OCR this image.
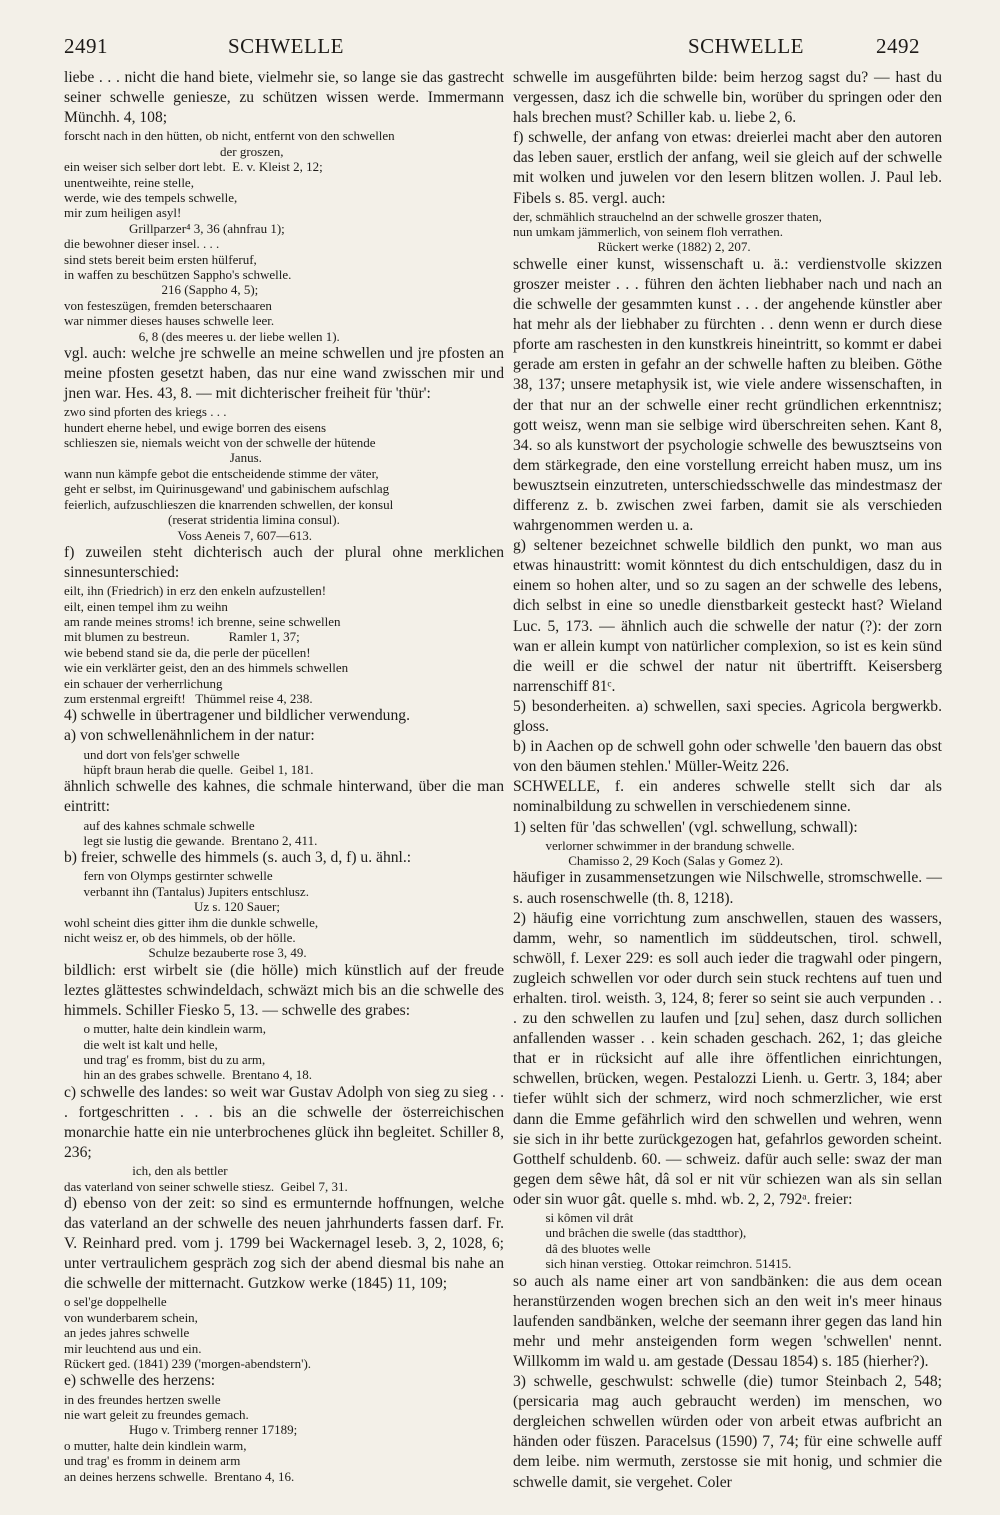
2491	SCHWELLE	SCHWELLE	2492

liebe . . . nicht die hand biete, vielmehr sie, so lange sie das gastrecht seiner schwelle geniesze, zu schützen wissen werde. Immermann Münchh. 4, 108;

forscht nach in den hütten, ob nicht, entfernt von den schwellen
der groszen,
ein weiser sich selber dort lebt.  E. v. Kleist 2, 12;
unentweihte, reine stelle,
werde, wie des tempels schwelle,
mir zum heiligen asyl!
Grillparzer⁴ 3, 36 (ahnfrau 1);
die bewohner dieser insel. . . .
sind stets bereit beim ersten hülferuf,
in waffen zu beschützen Sappho's schwelle.
216 (Sappho 4, 5);
von festeszügen, fremden beterschaaren
war nimmer dieses hauses schwelle leer.
6, 8 (des meeres u. der liebe wellen 1).

vgl. auch: welche jre schwelle an meine schwellen und jre pfosten an meine pfosten gesetzt haben, das nur eine wand zwisschen mir und jnen war. Hes. 43, 8. — mit dichterischer freiheit für 'thür':

zwo sind pforten des kriegs . . .
hundert eherne hebel, und ewige borren des eisens
schlieszen sie, niemals weicht von der schwelle der hütende
Janus.
wann nun kämpfe gebot die entscheidende stimme der väter,
geht er selbst, im Quirinusgewand' und gabinischem aufschlag
feierlich, aufzuschlieszen die knarrenden schwellen, der konsul
(reserat stridentia limina consul).
Voss Aeneis 7, 607—613.

f) zuweilen steht dichterisch auch der plural ohne merklichen sinnesunterschied:

eilt, ihn (Friedrich) in erz den enkeln aufzustellen!
eilt, einen tempel ihm zu weihn
am rande meines stroms! ich brenne, seine schwellen
mit blumen zu bestreun.            Ramler 1, 37;
wie bebend stand sie da, die perle der pücellen!
wie ein verklärter geist, den an des himmels schwellen
ein schauer der verherrlichung
zum erstenmal ergreift!   Thümmel reise 4, 238.

4) schwelle in übertragener und bildlicher verwendung.

a) von schwellenähnlichem in der natur:

und dort von fels'ger schwelle
hüpft braun herab die quelle.  Geibel 1, 181.

ähnlich schwelle des kahnes, die schmale hinterwand, über die man eintritt:

auf des kahnes schmale schwelle
legt sie lustig die gewande.  Brentano 2, 411.

b) freier, schwelle des himmels (s. auch 3, d, f) u. ähnl.:

fern von Olymps gestirnter schwelle
verbannt ihn (Tantalus) Jupiters entschlusz.
Uz s. 120 Sauer;
wohl scheint dies gitter ihm die dunkle schwelle,
nicht weisz er, ob des himmels, ob der hölle.
Schulze bezauberte rose 3, 49.

bildlich: erst wirbelt sie (die hölle) mich künstlich auf der freude leztes glättestes schwindeldach, schwäzt mich bis an die schwelle des himmels. Schiller Fiesko 5, 13. — schwelle des grabes:

o mutter, halte dein kindlein warm,
die welt ist kalt und helle,
und trag' es fromm, bist du zu arm,
hin an des grabes schwelle.  Brentano 4, 18.

c) schwelle des landes: so weit war Gustav Adolph von sieg zu sieg . . . fortgeschritten . . . bis an die schwelle der österreichischen monarchie hatte ein nie unterbrochenes glück ihn begleitet. Schiller 8, 236;

ich, den als bettler
das vaterland von seiner schwelle stiesz.  Geibel 7, 31.

d) ebenso von der zeit: so sind es ermunternde hoffnungen, welche das vaterland an der schwelle des neuen jahrhunderts fassen darf. Fr. V. Reinhard pred. vom j. 1799 bei Wackernagel leseb. 3, 2, 1028, 6; unter vertraulichem gespräch zog sich der abend diesmal bis nahe an die schwelle der mitternacht. Gutzkow werke (1845) 11, 109;

o sel'ge doppelhelle
von wunderbarem schein,
an jedes jahres schwelle
mir leuchtend aus und ein.
Rückert ged. (1841) 239 ('morgen-abendstern').

e) schwelle des herzens:

in des freundes hertzen swelle
nie wart geleit zu freundes gemach.
Hugo v. Trimberg renner 17189;
o mutter, halte dein kindlein warm,
und trag' es fromm in deinem arm
an deines herzens schwelle.  Brentano 4, 16.

schwelle im ausgeführten bilde: beim herzog sagst du? — hast du vergessen, dasz ich die schwelle bin, worüber du springen oder den hals brechen must? Schiller kab. u. liebe 2, 6.

f) schwelle, der anfang von etwas: dreierlei macht aber den autoren das leben sauer, erstlich der anfang, weil sie gleich auf der schwelle mit wolken und juwelen vor den lesern blitzen wollen. J. Paul leb. Fibels s. 85. vergl. auch:

der, schmählich strauchelnd an der schwelle groszer thaten,
nun umkam jämmerlich, von seinem floh verrathen.
Rückert werke (1882) 2, 207.

schwelle einer kunst, wissenschaft u. ä.: verdienstvolle skizzen groszer meister . . . führen den ächten liebhaber nach und nach an die schwelle der gesammten kunst . . . der angehende künstler aber hat mehr als der liebhaber zu fürchten . . denn wenn er durch diese pforte am raschesten in den kunstkreis hineintritt, so kommt er dabei gerade am ersten in gefahr an der schwelle haften zu bleiben. Göthe 38, 137; unsere metaphysik ist, wie viele andere wissenschaften, in der that nur an der schwelle einer recht gründlichen erkenntnisz; gott weisz, wenn man sie selbige wird überschreiten sehen. Kant 8, 34. so als kunstwort der psychologie schwelle des bewusztseins von dem stärkegrade, den eine vorstellung erreicht haben musz, um ins bewusztsein einzutreten, unterschiedsschwelle das mindestmasz der differenz z. b. zwischen zwei farben, damit sie als verschieden wahrgenommen werden u. a.

g) seltener bezeichnet schwelle bildlich den punkt, wo man aus etwas hinaustritt: womit könntest du dich entschuldigen, dasz du in einem so hohen alter, und so zu sagen an der schwelle des lebens, dich selbst in eine so unedle dienstbarkeit gesteckt hast? Wieland Luc. 5, 173. — ähnlich auch die schwelle der natur (?): der zorn wan er allein kumpt von natürlicher complexion, so ist es kein sünd die weill er die schwel der natur nit übertrifft. Keisersberg narrenschiff 81ᶜ.

5) besonderheiten. a) schwellen, saxi species. Agricola bergwerkb. gloss.

b) in Aachen op de schwell gohn oder schwelle 'den bauern das obst von den bäumen stehlen.' Müller-Weitz 226.

SCHWELLE, f. ein anderes schwelle stellt sich dar als nominalbildung zu schwellen in verschiedenem sinne.

1) selten für 'das schwellen' (vgl. schwellung, schwall):

verlorner schwimmer in der brandung schwelle.
Chamisso 2, 29 Koch (Salas y Gomez 2).

häufiger in zusammensetzungen wie Nilschwelle, stromschwelle. — s. auch rosenschwelle (th. 8, 1218).

2) häufig eine vorrichtung zum anschwellen, stauen des wassers, damm, wehr, so namentlich im süddeutschen, tirol. schwell, schwöll, f. Lexer 229: es soll auch ieder die tragwahl oder pingern, zugleich schwellen vor oder durch sein stuck rechtens auf tuen und erhalten. tirol. weisth. 3, 124, 8; ferer so seint sie auch verpunden . . . zu den schwellen zu laufen und [zu] sehen, dasz durch sollichen anfallenden wasser . . kein schaden geschach. 262, 1; das gleiche that er in rücksicht auf alle ihre öffentlichen einrichtungen, schwellen, brücken, wegen. Pestalozzi Lienh. u. Gertr. 3, 184; aber tiefer wühlt sich der schmerz, wird noch schmerzlicher, wie erst dann die Emme gefährlich wird den schwellen und wehren, wenn sie sich in ihr bette zurückgezogen hat, gefahrlos geworden scheint. Gotthelf schuldenb. 60. — schweiz. dafür auch selle: swaz der man gegen dem sêwe hât, dâ sol er nit vür schiezen wan als sin sellan oder sin wuor gât. quelle s. mhd. wb. 2, 2, 792ᵃ. freier:

si kômen vil drât
und brâchen die swelle (das stadtthor),
dâ des bluotes welle
sich hinan verstieg.  Ottokar reimchron. 51415.

so auch als name einer art von sandbänken: die aus dem ocean heranstürzenden wogen brechen sich an den weit in's meer hinaus laufenden sandbänken, welche der seemann ihrer gegen das land hin mehr und mehr ansteigenden form wegen 'schwellen' nennt. Willkomm im wald u. am gestade (Dessau 1854) s. 185 (hierher?).

3) schwelle, geschwulst: schwelle (die) tumor Steinbach 2, 548; (persicaria mag auch gebraucht werden) im menschen, wo dergleichen schwellen würden oder von arbeit etwas aufbricht an händen oder füszen. Paracelsus (1590) 7, 74; für eine schwelle auff dem leibe. nim wermuth, zerstosse sie mit honig, und schmier die schwelle damit, sie vergehet. Coler
